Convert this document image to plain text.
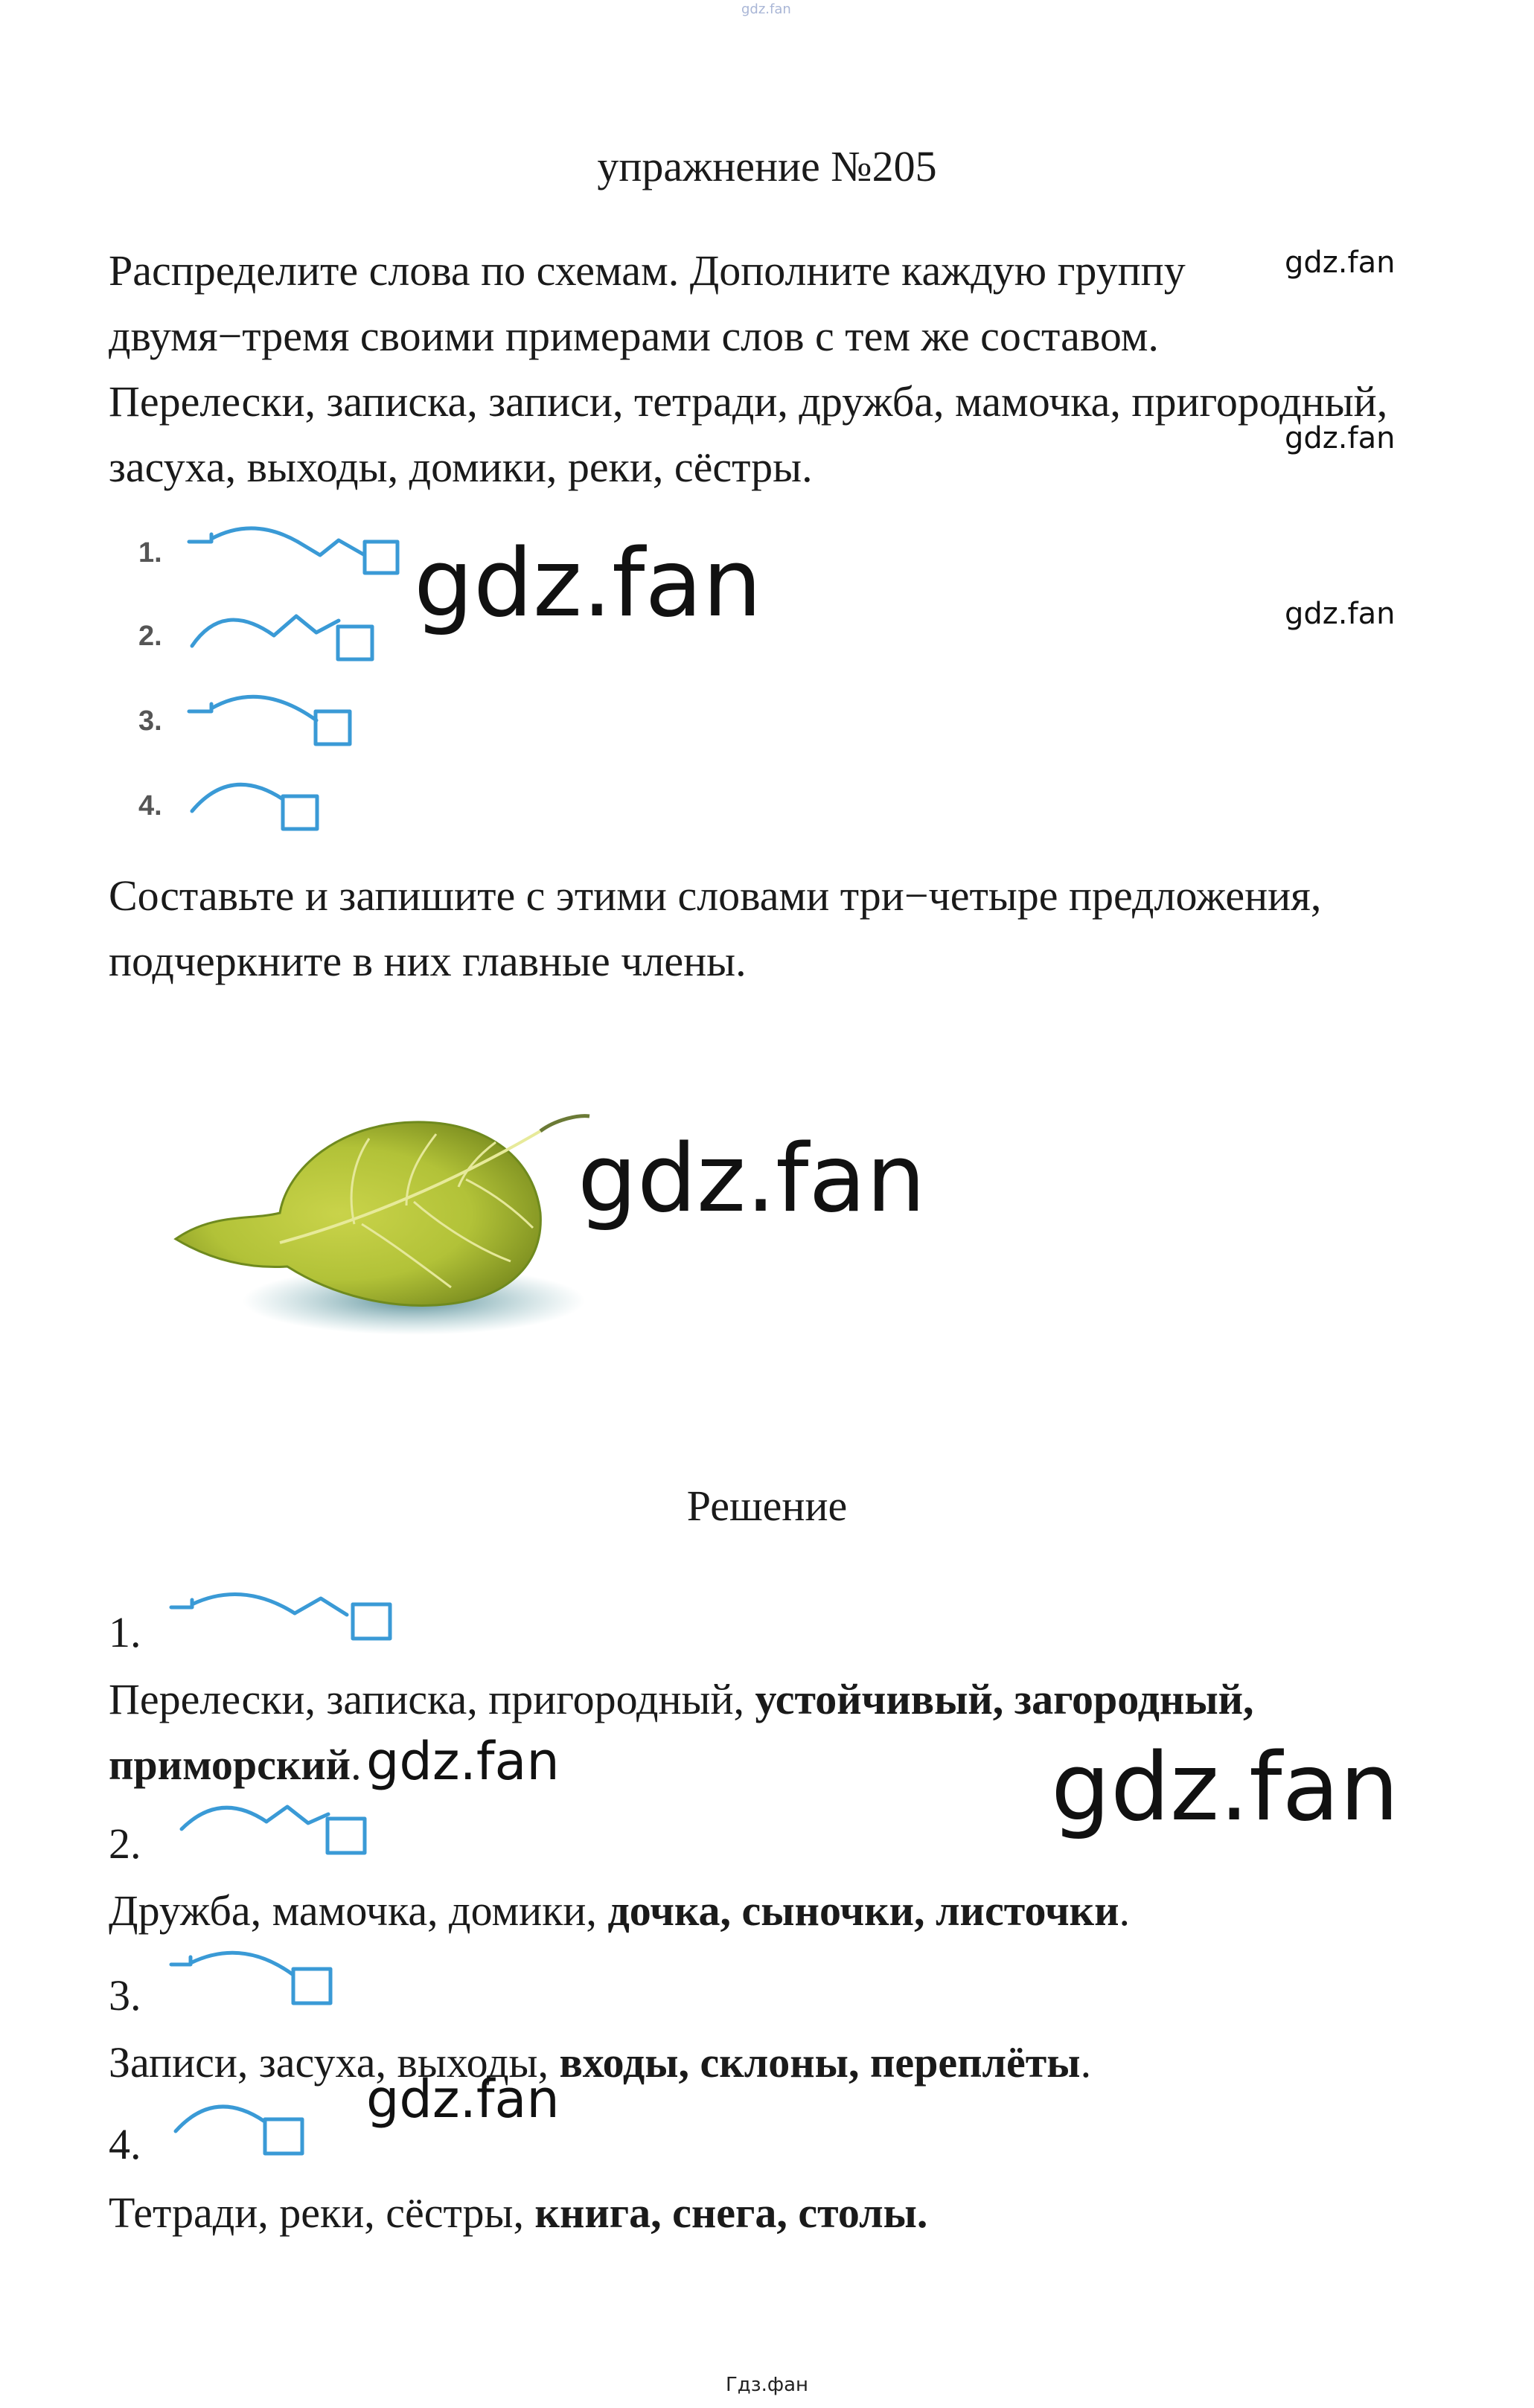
gdz.fan
упражнение №205
Распределите слова по схемам. Дополните каждую группу
двумя−тремя своими примерами слов с тем же составом.
Перелески, записка, записи, тетради, дружба, мамочка, пригородный,
засуха, выходы, домики, реки, сёстры.
gdz.fan
gdz.fan
gdz.fan
1.
2.
3.
4.
gdz.fan
Составьте и запишите с этими словами три−четыре предложения,
подчеркните в них главные члены.
gdz.fan
Решение
1.
Перелески, записка, пригородный, устойчивый, загородный,
приморский. gdz.fan	gdz.fan
2.
Дружба, мамочка, домики, дочка, сыночки, листочки.
3.
Записи, засуха, выходы, входы, склоны, переплёты.
4.
gdz.fan
Тетради, реки, сёстры, книга, снега, столы.
Гдз.фан
